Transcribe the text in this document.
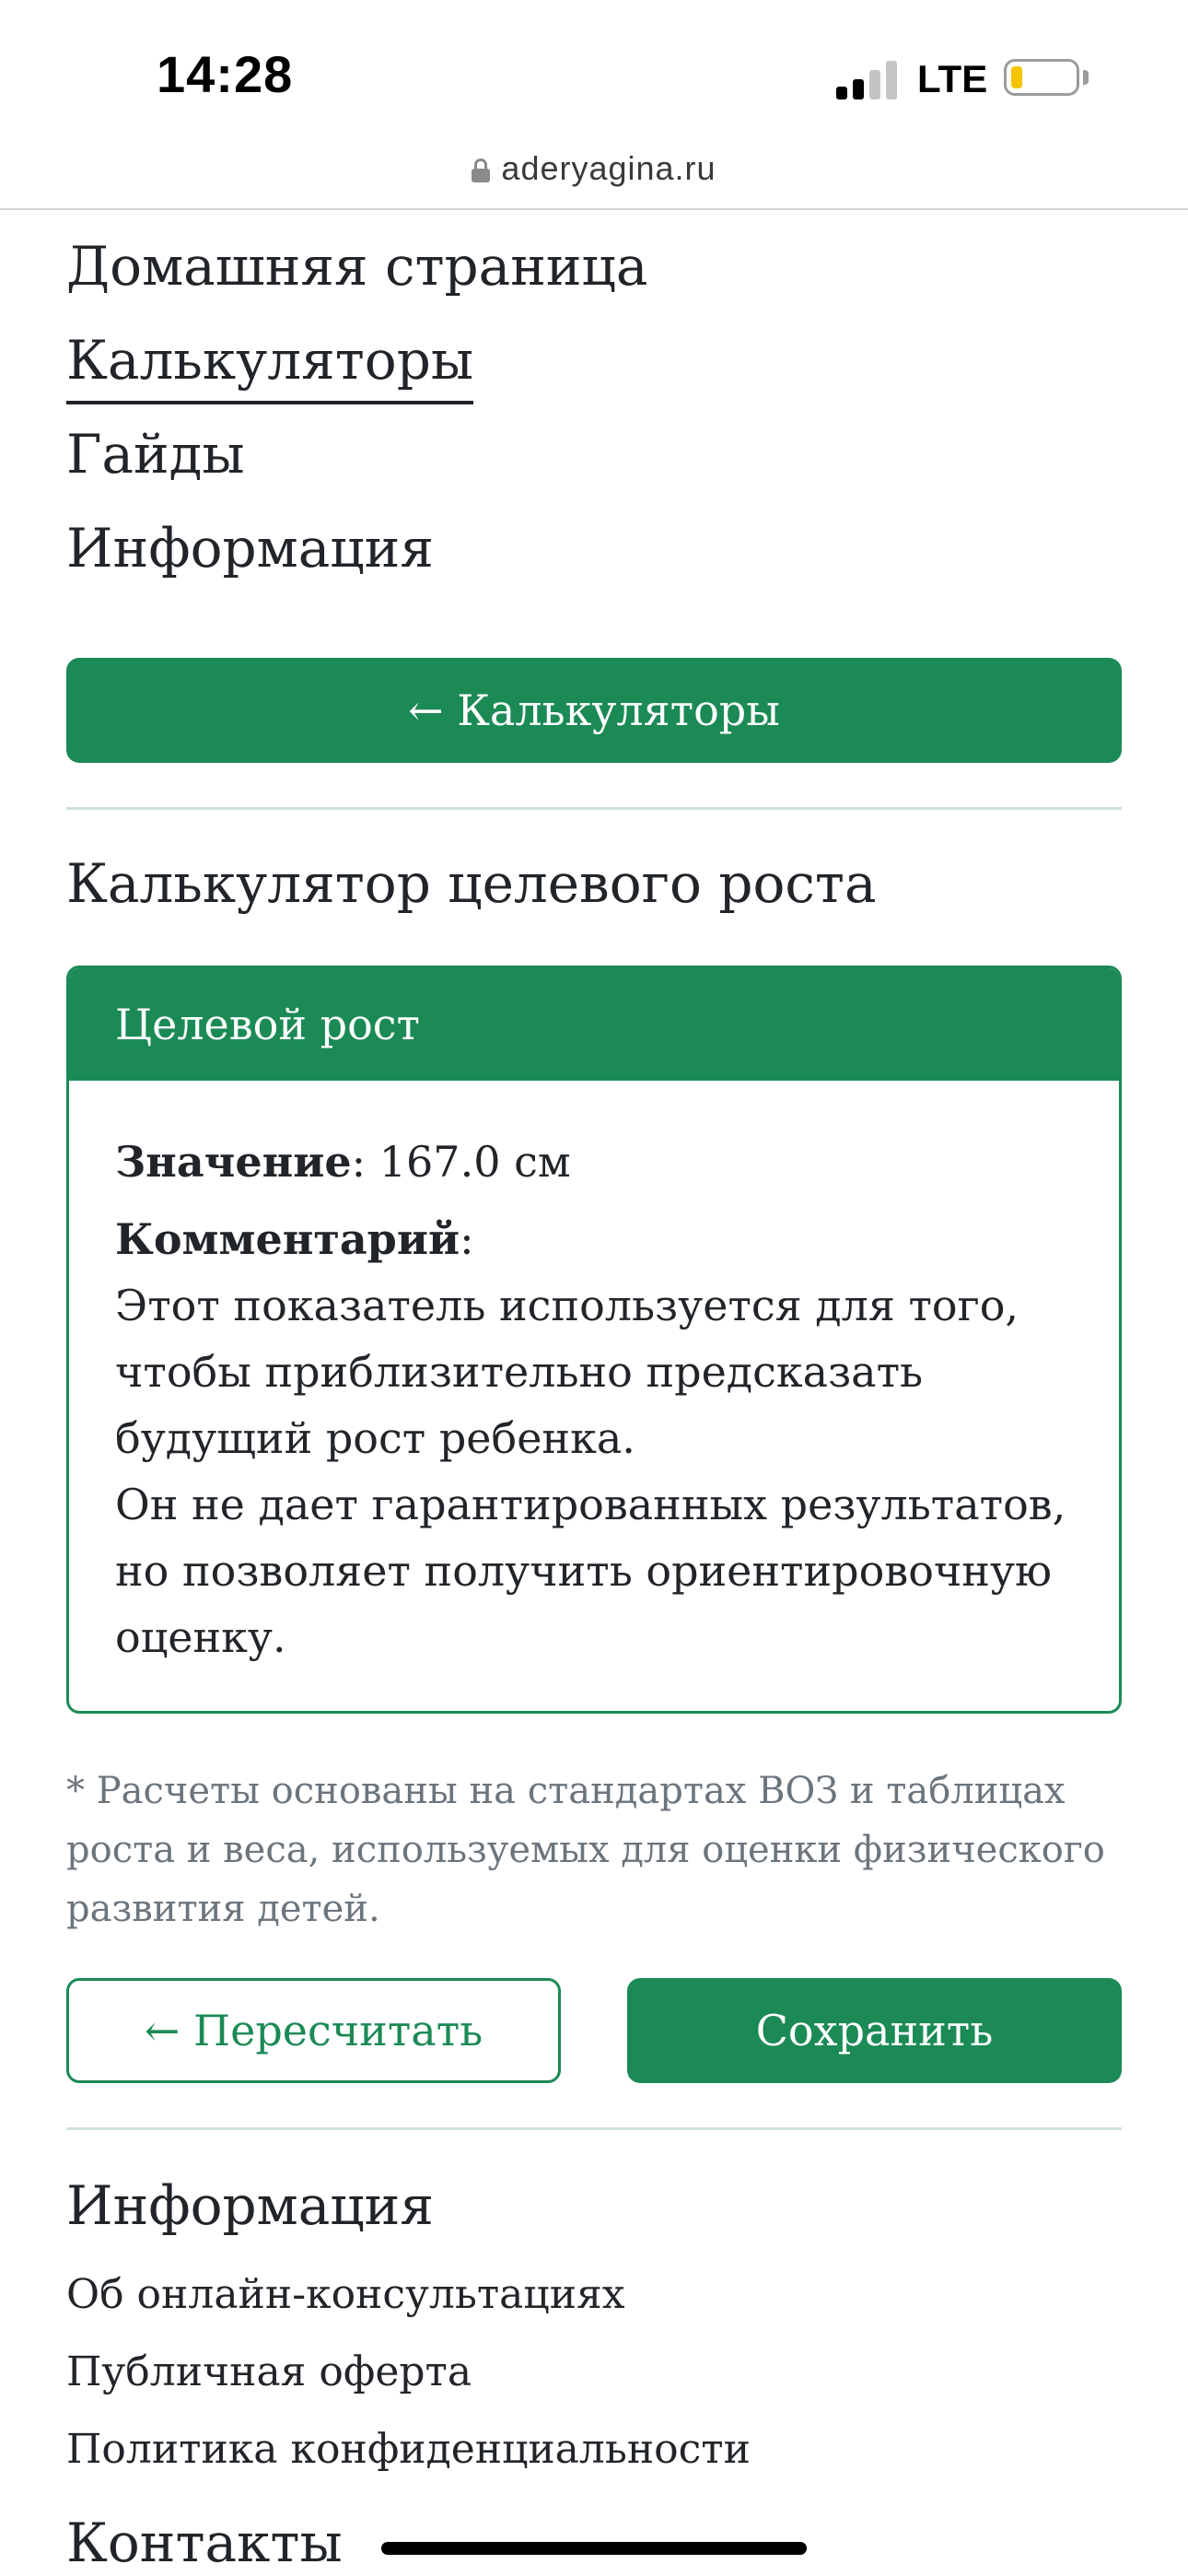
14:28	LTE
aderyagina.ru
Домашняя страница
Калькуляторы
Гайды
Информация
← Калькуляторы
Калькулятор целевого роста
Целевой рост

Значение: 167.0 см

Комментарий:

Этот показатель используется для того, чтобы приблизительно предсказать будущий рост ребенка.

Он не дает гарантированных результатов, но позволяет получить ориентировочную оценку.

* Расчеты основаны на стандартах ВОЗ и таблицах роста и веса, используемых для оценки физического развития детей.
← Пересчитать	Сохранить
Информация
Об онлайн-консультациях
Публичная оферта
Политика конфиденциальности
Контакты
